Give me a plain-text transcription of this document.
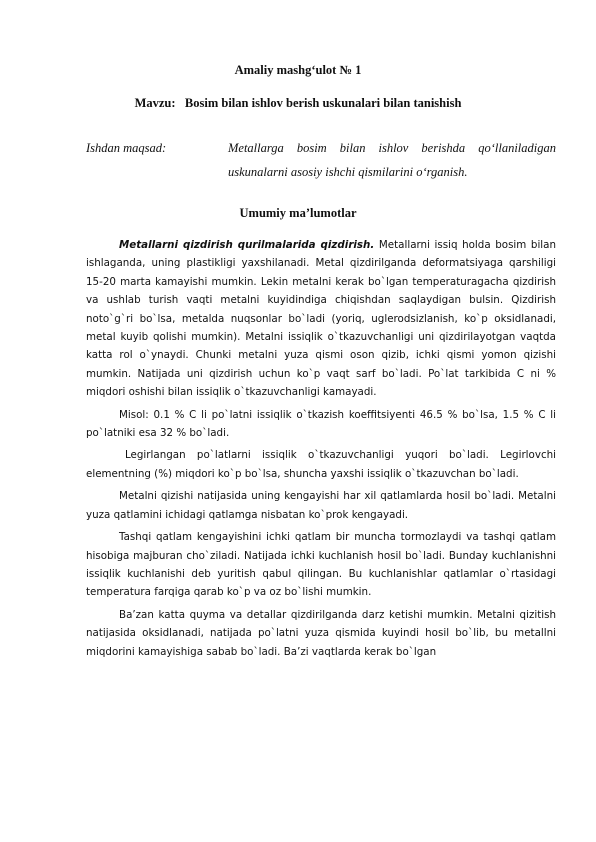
Amaliy mashg‘ulot № 1
Mavzu: Bosim bilan ishlov berish uskunalari bilan tanishish
Ishdan maqsad:	Metallarga bosim bilan ishlov berishda qo‘llaniladigan
uskunalarni asosiy ishchi qismilarini o‘rganish.
Umumiy ma’lumotlar

Metallarni qizdirish qurilmalarida qizdirish. Metallarni issiq holda bosim bilan ishlaganda, uning plastikligi yaxshilanadi. Metal qizdirilganda deformatsiyaga qarshiligi 15-20 marta kamayishi mumkin. Lekin metalni kerak bo`lgan temperaturagacha qizdirish va ushlab turish vaqti metalni kuyidindiga chiqishdan saqlaydigan bulsin. Qizdirish noto`g`ri bo`lsa, metalda nuqsonlar bo`ladi (yoriq, uglerodsizlanish, ko`p oksidlanadi, metal kuyib qolishi mumkin). Metalni issiqlik o`tkazuvchanligi uni qizdirilayotgan vaqtda katta rol o`ynaydi. Chunki metalni yuza qismi oson qizib, ichki qismi yomon qizishi mumkin. Natijada uni qizdirish uchun ko`p vaqt sarf bo`ladi. Po`lat tarkibida C ni % miqdori oshishi bilan issiqlik o`tkazuvchanligi kamayadi.

Misol: 0.1 % C li po`latni issiqlik o`tkazish koeffitsiyenti 46.5 % bo`lsa, 1.5 % C li po`latniki esa 32 % bo`ladi.

Legirlangan po`latlarni issiqlik o`tkazuvchanligi yuqori bo`ladi. Legirlovchi elementning (%) miqdori ko`p bo`lsa, shuncha yaxshi issiqlik o`tkazuvchan bo`ladi.

Metalni qizishi natijasida uning kengayishi har xil qatlamlarda hosil bo`ladi. Metalni yuza qatlamini ichidagi qatlamga nisbatan ko`prok kengayadi.

Tashqi qatlam kengayishini ichki qatlam bir muncha tormozlaydi va tashqi qatlam hisobiga majburan cho`ziladi. Natijada ichki kuchlanish hosil bo`ladi. Bunday kuchlanishni issiqlik kuchlanishi deb yuritish qabul qilingan. Bu kuchlanishlar qatlamlar o`rtasidagi temperatura farqiga qarab ko`p va oz bo`lishi mumkin.

Ba’zan katta quyma va detallar qizdirilganda darz ketishi mumkin. Metalni qizitish natijasida oksidlanadi, natijada po`latni yuza qismida kuyindi hosil bo`lib, bu metallni miqdorini kamayishiga sabab bo`ladi. Ba’zi vaqtlarda kerak bo`lgan
